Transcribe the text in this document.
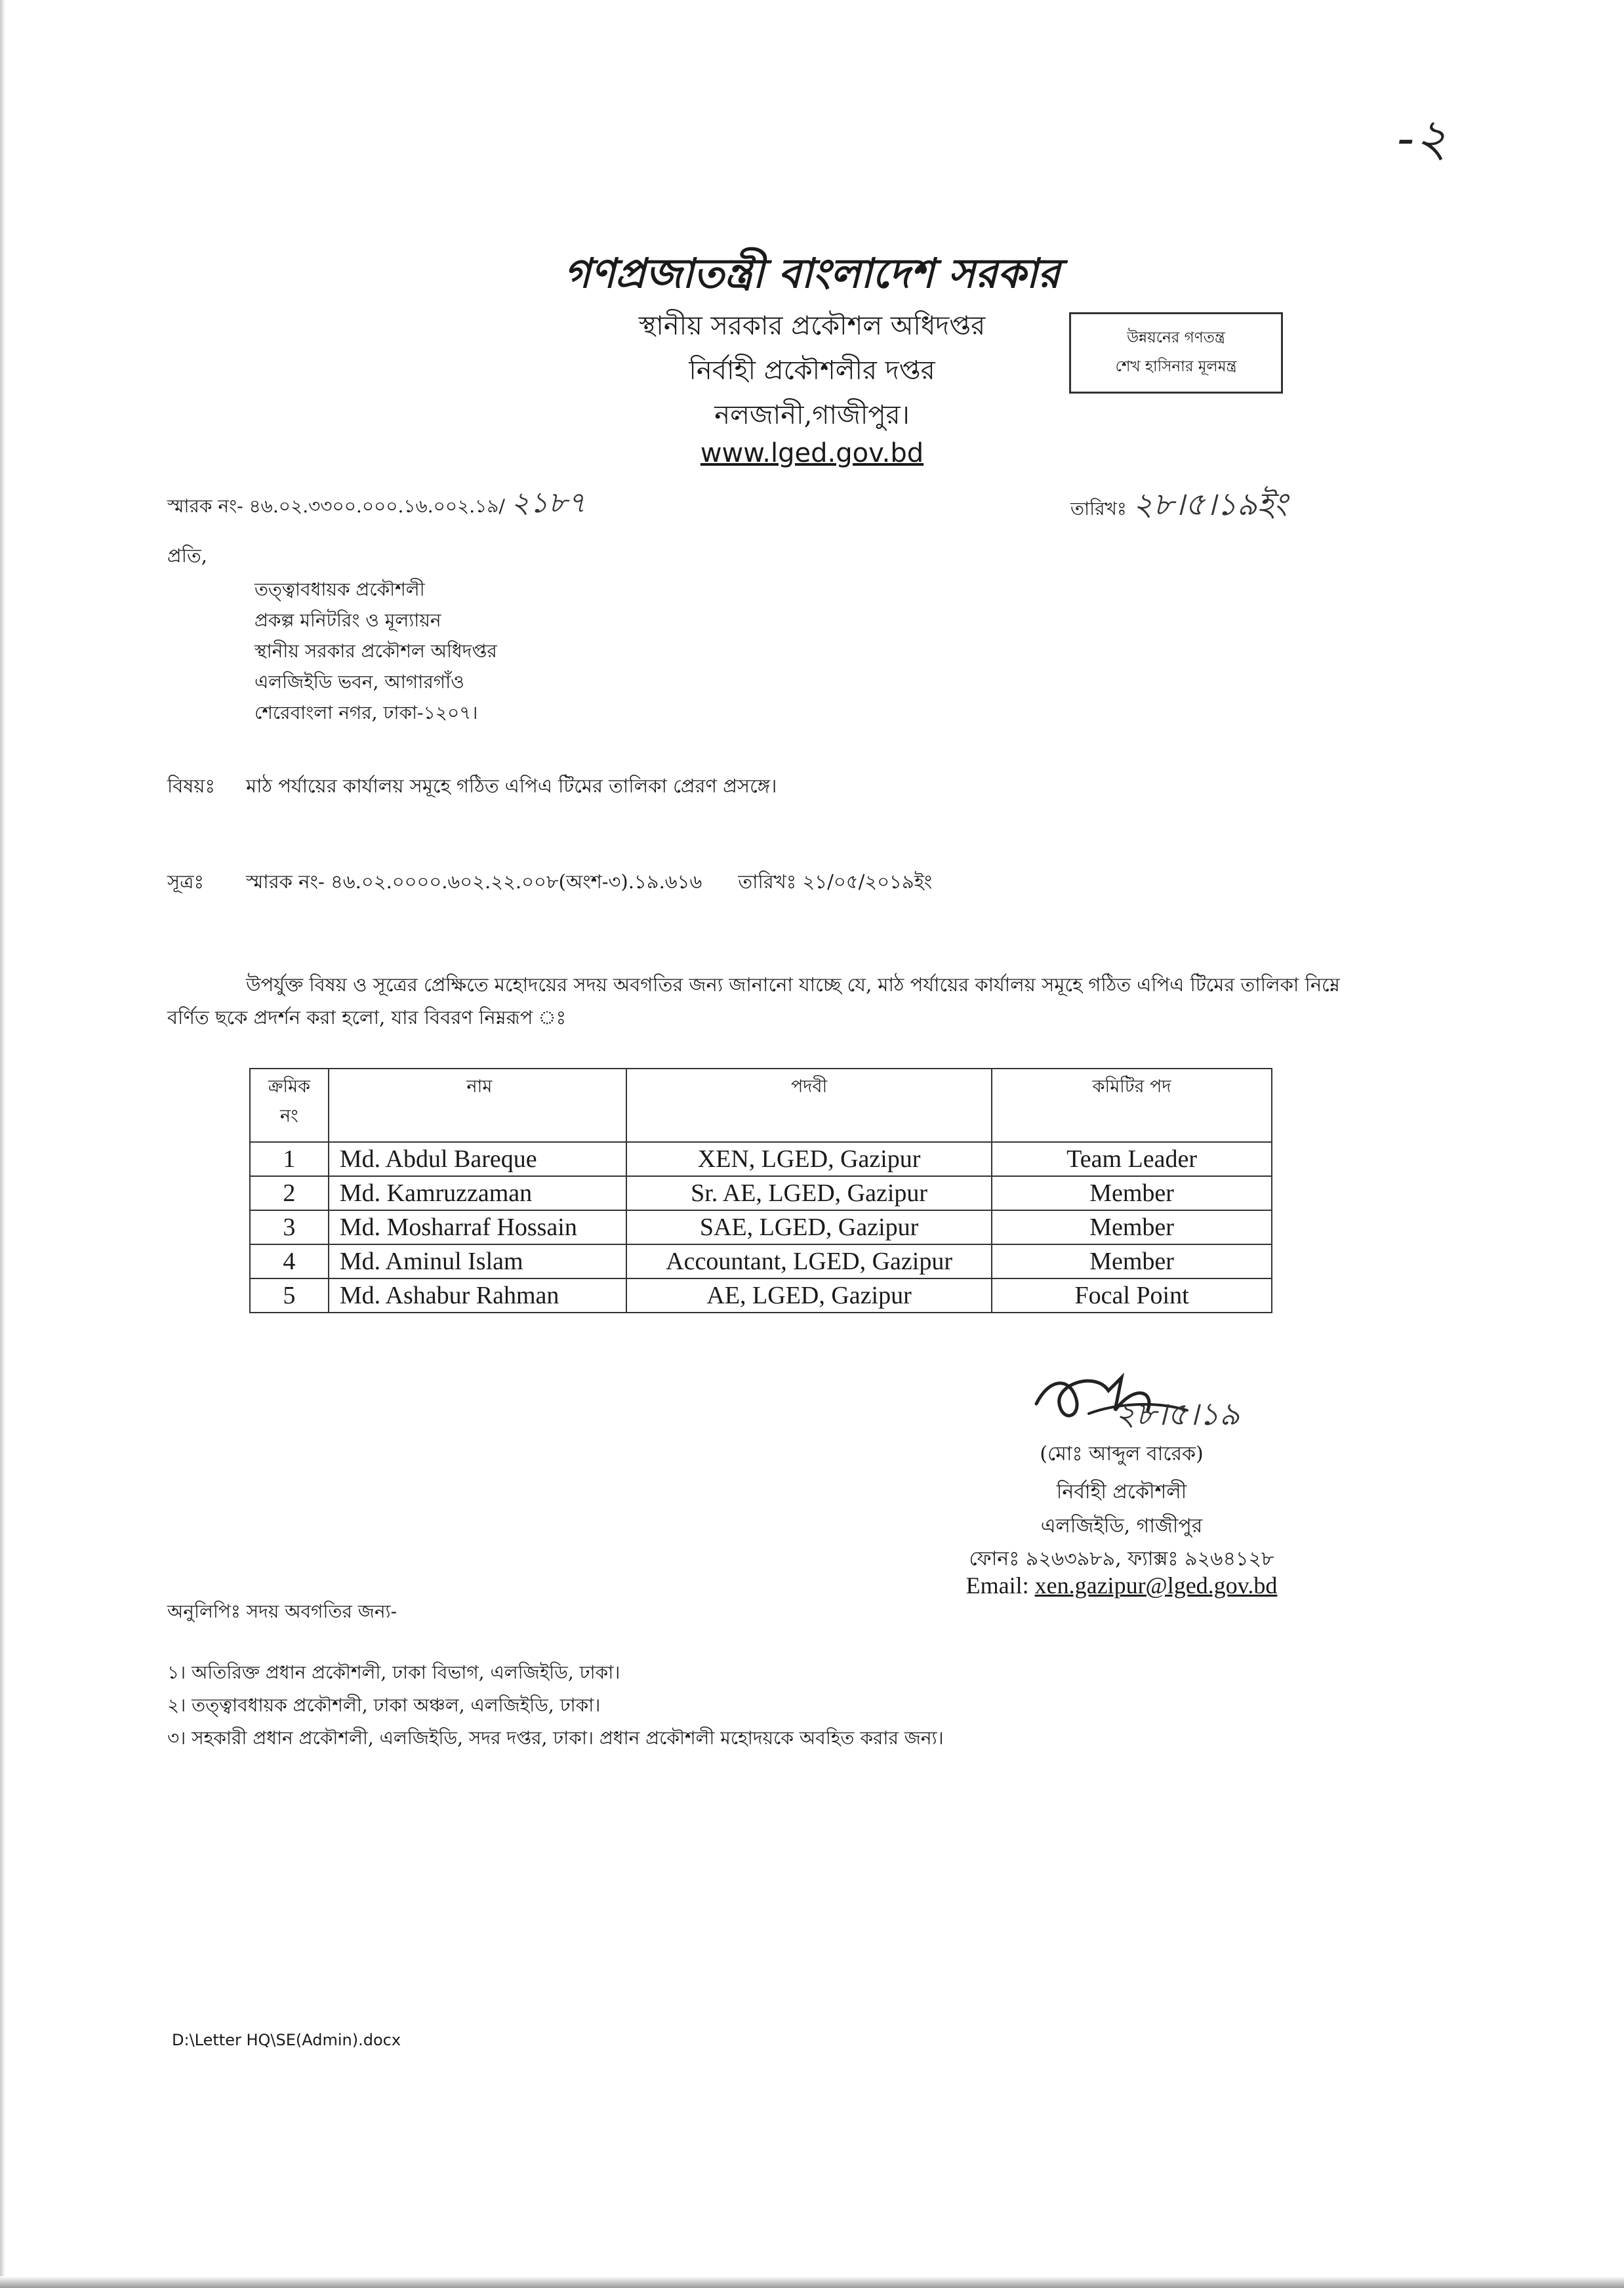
-২
গণপ্রজাতন্ত্রী বাংলাদেশ সরকার
স্থানীয় সরকার প্রকৌশল অধিদপ্তর
নির্বাহী প্রকৌশলীর দপ্তর
নলজানী,গাজীপুর।
www.lged.gov.bd
উন্নয়নের গণতন্ত্র
শেখ হাসিনার মূলমন্ত্র
স্মারক নং- ৪৬.০২.৩৩০০.০০০.১৬.০০২.১৯/ ২১৮৭	তারিখঃ ২৮।৫।১৯ইং
প্রতি,
তত্ত্বাবধায়ক প্রকৌশলী
প্রকল্প মনিটরিং ও মূল্যায়ন
স্থানীয় সরকার প্রকৌশল অধিদপ্তর
এলজিইডি ভবন, আগারগাঁও
শেরেবাংলা নগর, ঢাকা-১২০৭।
বিষয়ঃ মাঠ পর্যায়ের কার্যালয় সমূহে গঠিত এপিএ টিমের তালিকা প্রেরণ প্রসঙ্গে।
সূত্রঃ স্মারক নং- ৪৬.০২.০০০০.৬০২.২২.০০৮(অংশ-৩).১৯.৬১৬ তারিখঃ ২১/০৫/২০১৯ইং
উপর্যুক্ত বিষয় ও সূত্রের প্রেক্ষিতে মহোদয়ের সদয় অবগতির জন্য জানানো যাচ্ছে যে, মাঠ পর্যায়ের কার্যালয় সমূহে গঠিত এপিএ টিমের তালিকা নিম্নে বর্ণিত ছকে প্রদর্শন করা হলো, যার বিবরণ নিম্নরূপ ঃ
ক্রমিক
নং	নাম	পদবী	কমিটির পদ
1	Md. Abdul Bareque	XEN, LGED, Gazipur	Team Leader
2	Md. Kamruzzaman	Sr. AE, LGED, Gazipur	Member
3	Md. Mosharraf Hossain	SAE, LGED, Gazipur	Member
4	Md. Aminul Islam	Accountant, LGED, Gazipur	Member
5	Md. Ashabur Rahman	AE, LGED, Gazipur	Focal Point
২৮।৫।১৯
(মোঃ আব্দুল বারেক)
নির্বাহী প্রকৌশলী
এলজিইডি, গাজীপুর
ফোনঃ ৯২৬৩৯৮৯, ফ্যাক্সঃ ৯২৬৪১২৮
Email: xen.gazipur@lged.gov.bd
অনুলিপিঃ সদয় অবগতির জন্য-
১। অতিরিক্ত প্রধান প্রকৌশলী, ঢাকা বিভাগ, এলজিইডি, ঢাকা।
২। তত্ত্বাবধায়ক প্রকৌশলী, ঢাকা অঞ্চল, এলজিইডি, ঢাকা।
৩। সহকারী প্রধান প্রকৌশলী, এলজিইডি, সদর দপ্তর, ঢাকা। প্রধান প্রকৌশলী মহোদয়কে অবহিত করার জন্য।
D:\Letter HQ\SE(Admin).docx
